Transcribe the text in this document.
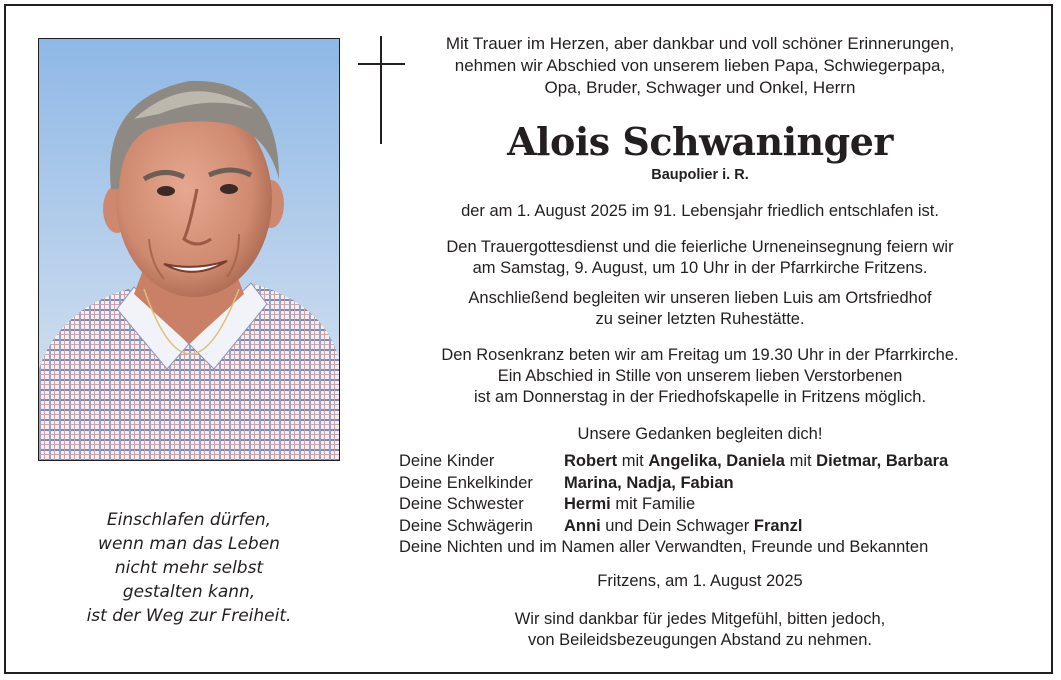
Einschlafen dürfen,
wenn man das Leben
nicht mehr selbst
gestalten kann,
ist der Weg zur Freiheit.
Mit Trauer im Herzen, aber dankbar und voll schöner Erinnerungen,
nehmen wir Abschied von unserem lieben Papa, Schwiegerpapa,
Opa, Bruder, Schwager und Onkel, Herrn
Alois Schwaninger
Baupolier i. R.
der am 1. August 2025 im 91. Lebensjahr friedlich entschlafen ist.
Den Trauergottesdienst und die feierliche Urneneinsegnung feiern wir
am Samstag, 9. August, um 10 Uhr in der Pfarrkirche Fritzens.
Anschließend begleiten wir unseren lieben Luis am Ortsfriedhof
zu seiner letzten Ruhestätte.
Den Rosenkranz beten wir am Freitag um 19.30 Uhr in der Pfarrkirche.
Ein Abschied in Stille von unserem lieben Verstorbenen
ist am Donnerstag in der Friedhofskapelle in Fritzens möglich.
Unsere Gedanken begleiten dich!
Deine Kinder	Robert mit Angelika, Daniela mit Dietmar, Barbara
Deine Enkelkinder Marina, Nadja, Fabian
Deine Schwester Hermi mit Familie
Deine Schwägerin Anni und Dein Schwager Franzl
Deine Nichten und im Namen aller Verwandten, Freunde und Bekannten
Fritzens, am 1. August 2025
Wir sind dankbar für jedes Mitgefühl, bitten jedoch,
von Beileidsbezeugungen Abstand zu nehmen.
